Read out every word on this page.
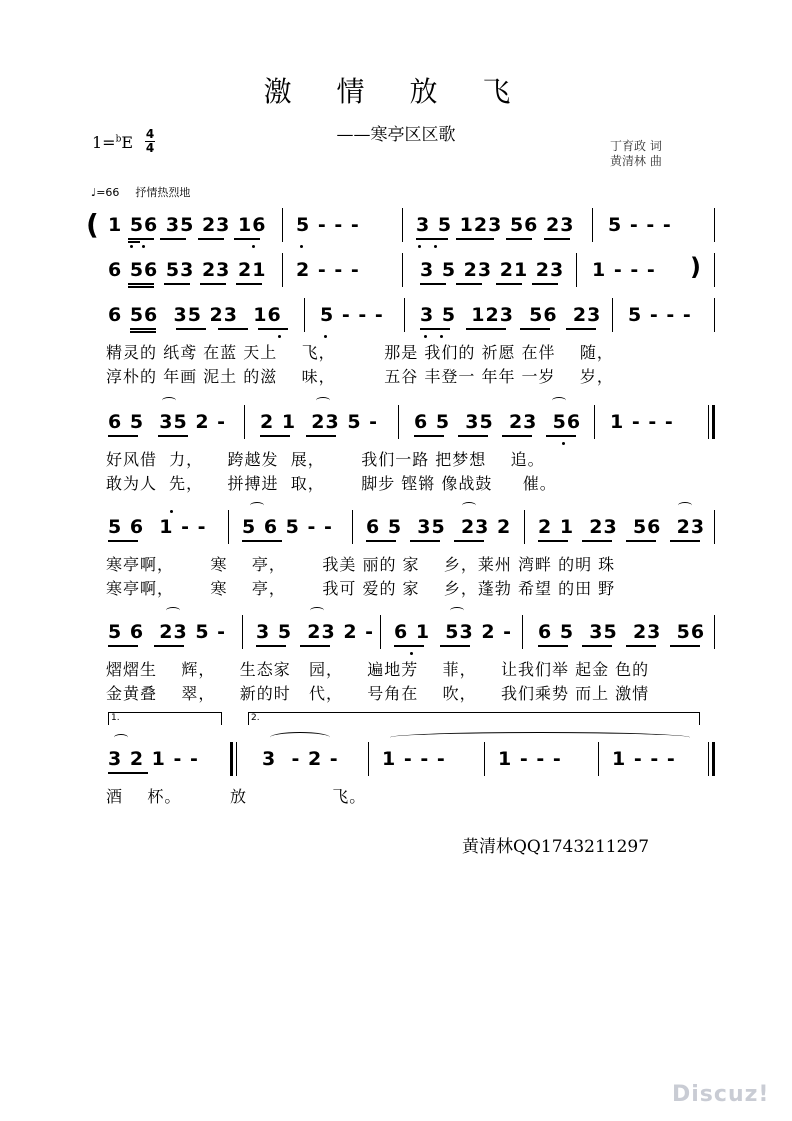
激 情 放 飞
——寒亭区区歌
1=$^b$E 4
4	丁育政 词
黄清林 曲
♩=66 抒情热烈地
(
)
1 56 35 23 16 5 - - -	3 5 123 56 23 5 - - -
6 56 53 23 21 2 - - -	3 5 23 21 23 1 - - -
6 56  35 23  16 5 - - - 3 5  123  56  23 5 - - -
精灵的 纸鸢 在蓝 天上    飞，        那是 我们的 祈愿 在伴    随，
淳朴的 年画 泥土 的滋    味，        五谷 丰登一 年年 一岁    岁，
6 5  35 2 - 2 1  23 5 - 6 5  35  23  56 1 - - -
好风借  力，    跨越发  展，      我们一路 把梦想    追。
敢为人  先，    拼搏进  取，      脚步 铿锵 像战鼓     催。
5 6  1 - - 5 6 5 - - 6 5  35  23 2 2 1  23  56  23
寒亭啊，      寒    亭，      我美 丽的 家    乡，莱州 湾畔 的明 珠
寒亭啊，      寒    亭，      我可 爱的 家    乡，蓬勃 希望 的田 野
5 6  23 5 - 3 5  23 2 - 6 1  53 2 - 6 5  35  23  56
熠熠生    辉，    生态家   园，    遍地芳    菲，    让我们举 起金 色的
金黄叠    翠，    新的时   代，    号角在    吹，    我们乘势 而上 激情
1.	2.
3 2 1 - -	3  - 2 - 1 - - -	1 - - -	1 - - -
酒    杯。        放              飞。
黄清林QQ1743211297
Discuz!
